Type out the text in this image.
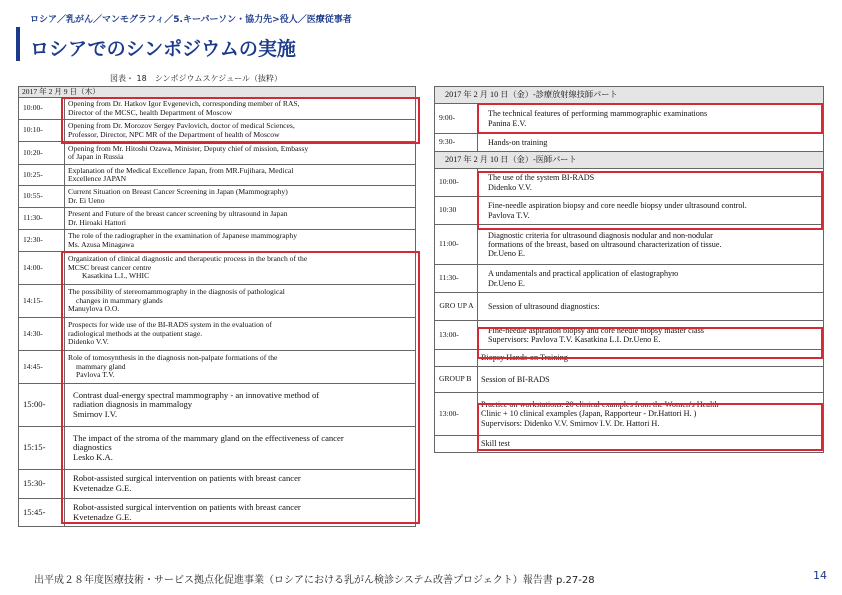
ロシア／乳がん／マンモグラフィ／5.キーパーソン・協力先>役人／医療従事者
ロシアでのシンポジウムの実施
図表・ 18　シンポジウムスケジュール（抜粋）
2017 年 2 月 9 日（木）	
10:00-	Opening from Dr. Hatkov Igor Evgenevich, corresponding member of RAS,
Director of the MCSC, health Department of Moscow
10:10-	Opening from Dr. Morozov Sergey Pavlovich, doctor of medical Sciences,
Professor, Director, NPC MR of the Department of health of Moscow
10:20-	Opening from Mr. Hitoshi Ozawa, Minister, Deputy chief of mission, Embassy
of Japan in Russia
10:25-	Explanation of the Medical Excellence Japan, from MR.Fujihara, Medical
Excellence JAPAN
10:55-	Current Situation on Breast Cancer Screening in Japan (Mammography)
Dr. Ei Ueno
11:30-	Present and Future of the breast cancer screening by ultrasound in Japan
Dr. Hiroaki Hattori
12:30-	The role of the radiographer in the examination of Japanese mammography
Ms. Azusa Minagawa
14:00-	Organization of clinical diagnostic and therapeutic process in the branch of the
MCSC breast cancer centre
Kasatkina L.I., WHIC
14:15-	The possibility of stereomammography in the diagnosis of pathological
changes in mammary glands
Manuylova O.O.
14:30-	Prospects for wide use of the BI-RADS system in the evaluation of
radiological methods at the outpatient stage.
Didenko V.V.
14:45-	Role of tomosynthesis in the diagnosis non-palpate formations of the
mammary gland
Pavlova T.V.
15:00-	Contrast dual-energy spectral mammography - an innovative method of
radiation diagnosis in mammalogy
Smirnov I.V.
15:15-	The impact of the stroma of the mammary gland on the effectiveness of cancer
diagnostics
Lesko K.A.
15:30-	Robot-assisted surgical intervention on patients with breast cancer
Kvetenadze G.E.
15:45-	Robot-assisted surgical intervention on patients with breast cancer
Kvetenadze G.E.
2017 年 2 月 10 日（金）-診療放射線技師パート	
9:00-	The technical features of performing mammographic examinations
Panina E.V.
9:30-	Hands-on training
2017 年 2 月 10 日（金）-医師パート	
10:00-	The use of the system BI-RADS
Didenko V.V.
10:30	Fine-needle aspiration biopsy and core needle biopsy under ultrasound control.
Pavlova T.V.
11:00-	Diagnostic criteria for ultrasound diagnosis nodular and non-nodular
formations of the breast, based on ultrasound characterization of tissue.
Dr.Ueno E.
11:30-	A undamentals and practical application of elastographyю
Dr.Ueno E.
GRO UP A	Session of ultrasound diagnostics:
13:00-	Fine-needle aspiration biopsy and core needle biopsy master class
Supervisors: Pavlova T.V. Kasatkina L.I. Dr.Ueno E.
	Biopsy Hands-on Training
GROUP B	Session of BI-RADS
13:00-	Practice on workstations. 20 clinical examples from the Women's Health
Clinic + 10 clinical examples (Japan, Rapporteur - Dr.Hattori H. )
Supervisors: Didenko V.V. Smirnov I.V. Dr. Hattori H.
	Skill test
出平成２８年度医療技術・サービス拠点化促進事業（ロシアにおける乳がん検診システム改善プロジェクト）報告書 p.27-28	14
